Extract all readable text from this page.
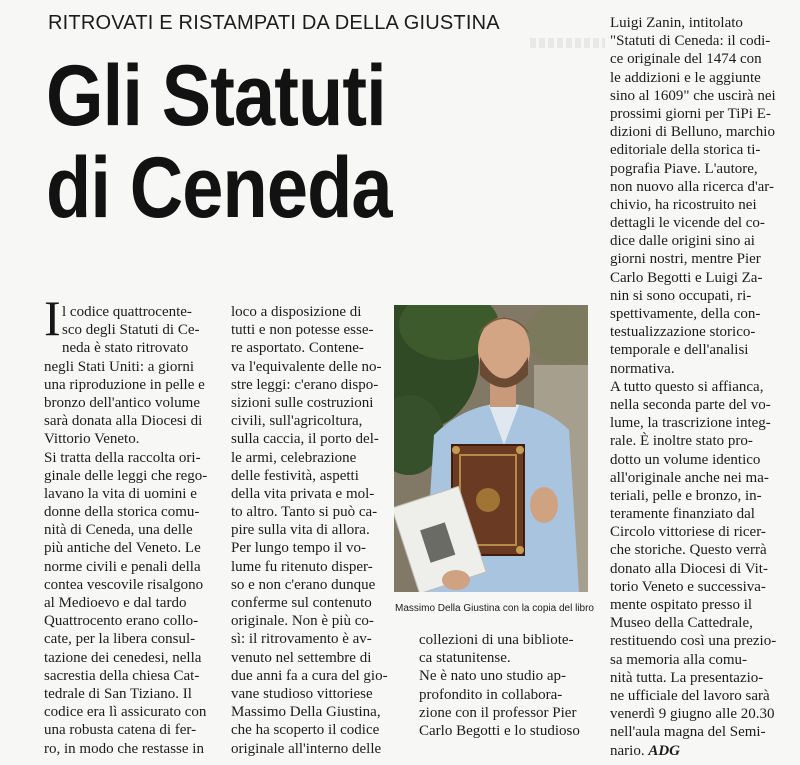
RITROVATI E RISTAMPATI DA DELLA GIUSTINA
Gli Statuti
di Ceneda
I l codice quattrocente-
sco degli Statuti di Ce-
neda è stato ritrovato
negli Stati Uniti: a giorni
una riproduzione in pelle e
bronzo dell'antico volume
sarà donata alla Diocesi di
Vittorio Veneto.
Si tratta della raccolta ori-
ginale delle leggi che rego-
lavano la vita di uomini e
donne della storica comu-
nità di Ceneda, una delle
più antiche del Veneto. Le
norme civili e penali della
contea vescovile risalgono
al Medioevo e dal tardo
Quattrocento erano collo-
cate, per la libera consul-
tazione dei cenedesi, nella
sacrestia della chiesa Cat-
tedrale di San Tiziano. Il
codice era lì assicurato con
una robusta catena di fer-
ro, in modo che restasse in
loco a disposizione di
tutti e non potesse esse-
re asportato. Contene-
va l'equivalente delle no-
stre leggi: c'erano dispo-
sizioni sulle costruzioni
civili, sull'agricoltura,
sulla caccia, il porto del-
le armi, celebrazione
delle festività, aspetti
della vita privata e mol-
to altro. Tanto si può ca-
pire sulla vita di allora.
Per lungo tempo il vo-
lume fu ritenuto disper-
so e non c'erano dunque
conferme sul contenuto
originale. Non è più co-
sì: il ritrovamento è av-
venuto nel settembre di
due anni fa a cura del gio-
vane studioso vittoriese
Massimo Della Giustina,
che ha scoperto il codice
originale all'interno delle
collezioni di una bibliote-
ca statunitense.
Ne è nato uno studio ap-
profondito in collabora-
zione con il professor Pier
Carlo Begotti e lo studioso
Luigi Zanin, intitolato
"Statuti di Ceneda: il codi-
ce originale del 1474 con
le addizioni e le aggiunte
sino al 1609" che uscirà nei
prossimi giorni per TiPi E-
dizioni di Belluno, marchio
editoriale della storica ti-
pografia Piave. L'autore,
non nuovo alla ricerca d'ar-
chivio, ha ricostruito nei
dettagli le vicende del co-
dice dalle origini sino ai
giorni nostri, mentre Pier
Carlo Begotti e Luigi Za-
nin si sono occupati, ri-
spettivamente, della con-
testualizzazione storico-
temporale e dell'analisi
normativa.
A tutto questo si affianca,
nella seconda parte del vo-
lume, la trascrizione integ-
rale. È inoltre stato pro-
dotto un volume identico
all'originale anche nei ma-
teriali, pelle e bronzo, in-
teramente finanziato dal
Circolo vittoriese di ricer-
che storiche. Questo verrà
donato alla Diocesi di Vit-
torio Veneto e successiva-
mente ospitato presso il
Museo della Cattedrale,
restituendo così una prezio-
sa memoria alla comu-
nità tutta. La presentazio-
ne ufficiale del lavoro sarà
venerdì 9 giugno alle 20.30
nell'aula magna del Semi-
nario. ADG
Massimo Della Giustina con la copia del libro
